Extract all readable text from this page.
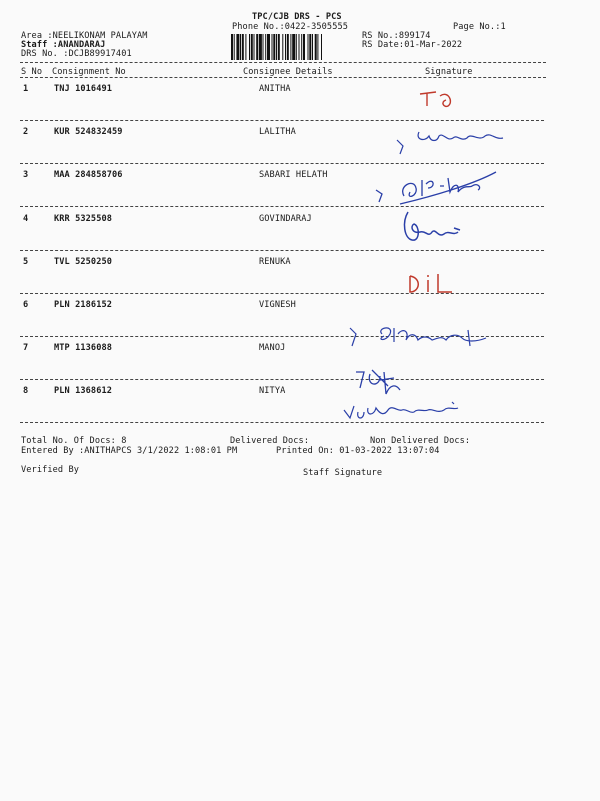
TPC/CJB DRS - PCS
Phone No.:0422-3505555	Page No.:1
Area :NEELIKONAM PALAYAM
Staff :ANANDARAJ
DRS No. :DCJB89917401
RS No.:899174
RS Date:01-Mar-2022
S No Consignment No	Consignee Details	Signature
1	TNJ 1016491	ANITHA
2	KUR 524832459	LALITHA
3	MAA 284858706	SABARI HELATH
4	KRR 5325508	GOVINDARAJ
5	TVL 5250250	RENUKA
6	PLN 2186152	VIGNESH
7	MTP 1136088	MANOJ
8	PLN 1368612	NITYA
Total No. Of Docs: 8	Delivered Docs:	Non Delivered Docs:
Entered By :ANITHAPCS 3/1/2022 1:08:01 PM	Printed On: 01-03-2022 13:07:04
Verified By	Staff Signature
